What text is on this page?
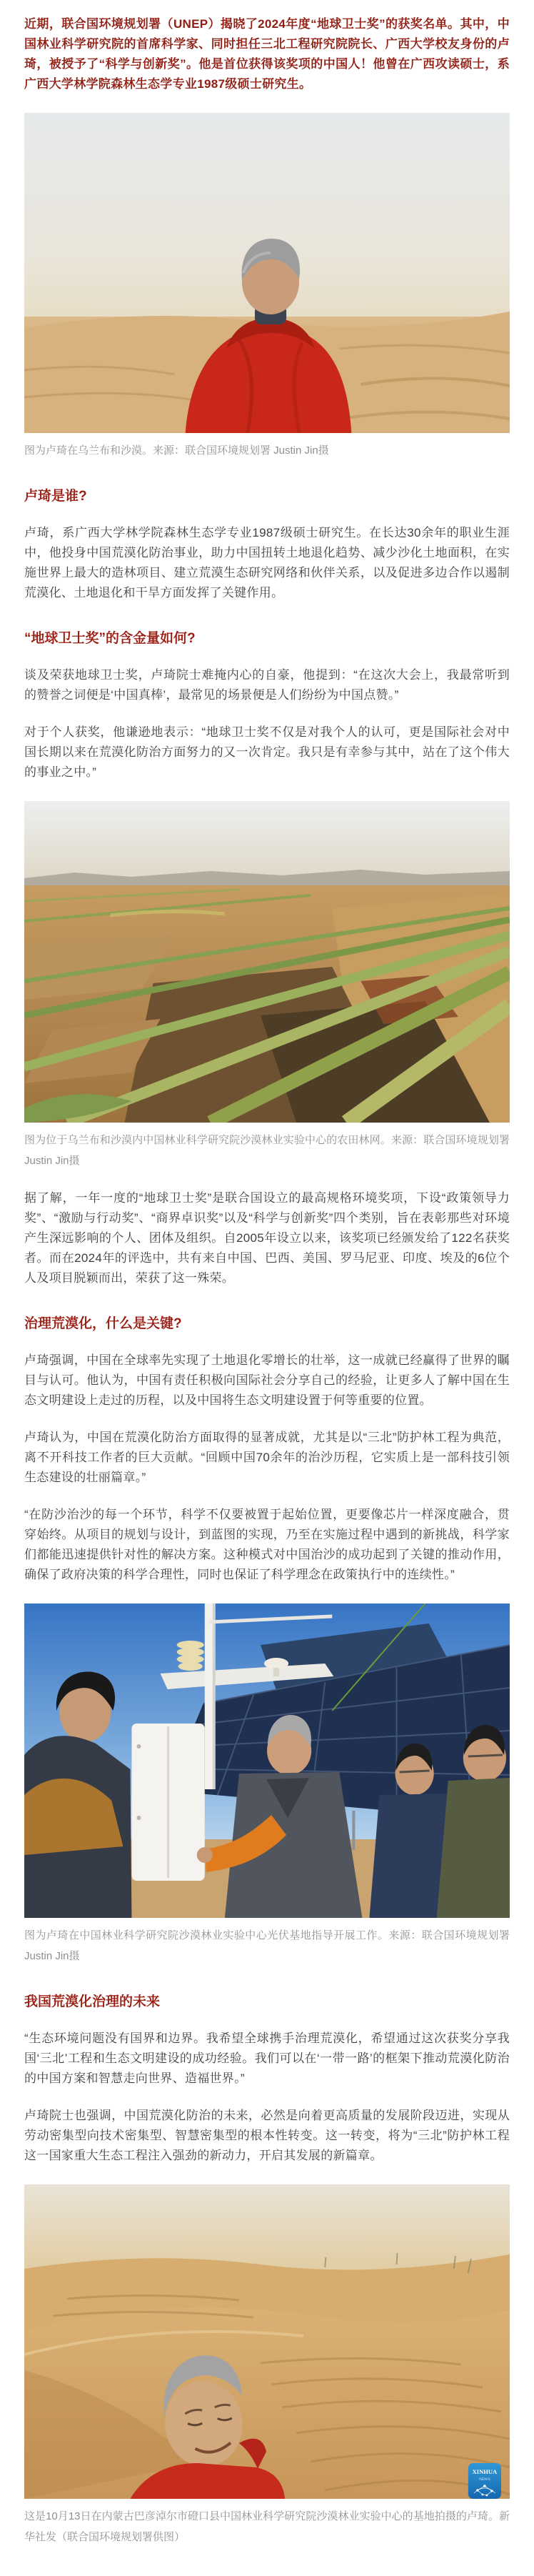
近期，联合国环境规划署（UNEP）揭晓了2024年度“地球卫士奖”的获奖名单。其中，中国林业科学研究院的首席科学家、同时担任三北工程研究院院长、广西大学校友身份的卢琦，被授予了“科学与创新奖”。他是首位获得该奖项的中国人！他曾在广西攻读硕士，系广西大学林学院森林生态学专业1987级硕士研究生。

图为卢琦在乌兰布和沙漠。来源：联合国环境规划署 Justin Jin摄
卢琦是谁?

卢琦，系广西大学林学院森林生态学专业1987级硕士研究生。在长达30余年的职业生涯中，他投身中国荒漠化防治事业，助力中国扭转土地退化趋势、减少沙化土地面积，在实施世界上最大的造林项目、建立荒漠生态研究网络和伙伴关系，以及促进多边合作以遏制荒漠化、土地退化和干旱方面发挥了关键作用。

“地球卫士奖”的含金量如何?

谈及荣获地球卫士奖，卢琦院士难掩内心的自豪，他提到：“在这次大会上，我最常听到的赞誉之词便是‘中国真棒’，最常见的场景便是人们纷纷为中国点赞。”

对于个人获奖，他谦逊地表示：“地球卫士奖不仅是对我个人的认可，更是国际社会对中国长期以来在荒漠化防治方面努力的又一次肯定。我只是有幸参与其中，站在了这个伟大的事业之中。”

图为位于乌兰布和沙漠内中国林业科学研究院沙漠林业实验中心的农田林网。来源：联合国环境规划署 Justin Jin摄

据了解，一年一度的“地球卫士奖”是联合国设立的最高规格环境奖项，下设“政策领导力奖”、“激励与行动奖”、“商界卓识奖”以及“科学与创新奖”四个类别，旨在表彰那些对环境产生深远影响的个人、团体及组织。自2005年设立以来，该奖项已经颁发给了122名获奖者。而在2024年的评选中，共有来自中国、巴西、美国、罗马尼亚、印度、埃及的6位个人及项目脱颖而出，荣获了这一殊荣。

治理荒漠化，什么是关键?

卢琦强调，中国在全球率先实现了土地退化零增长的壮举，这一成就已经赢得了世界的瞩目与认可。他认为，中国有责任积极向国际社会分享自己的经验，让更多人了解中国在生态文明建设上走过的历程，以及中国将生态文明建设置于何等重要的位置。

卢琦认为，中国在荒漠化防治方面取得的显著成就，尤其是以“三北”防护林工程为典范，离不开科技工作者的巨大贡献。“回顾中国70余年的治沙历程，它实质上是一部科技引领生态建设的壮丽篇章。”

“在防沙治沙的每一个环节，科学不仅要被置于起始位置，更要像芯片一样深度融合，贯穿始终。从项目的规划与设计，到蓝图的实现，乃至在实施过程中遇到的新挑战，科学家们都能迅速提供针对性的解决方案。这种模式对中国治沙的成功起到了关键的推动作用，确保了政府决策的科学合理性，同时也保证了科学理念在政策执行中的连续性。”

图为卢琦在中国林业科学研究院沙漠林业实验中心光伏基地指导开展工作。来源：联合国环境规划署 Justin Jin摄
我国荒漠化治理的未来

“生态环境问题没有国界和边界。我希望全球携手治理荒漠化，希望通过这次获奖分享我国‘三北’工程和生态文明建设的成功经验。我们可以在‘一带一路’的框架下推动荒漠化防治的中国方案和智慧走向世界、造福世界。”

卢琦院士也强调，中国荒漠化防治的未来，必然是向着更高质量的发展阶段迈进，实现从劳动密集型向技术密集型、智慧密集型的根本性转变。这一转变，将为“三北”防护林工程这一国家重大生态工程注入强劲的新动力，开启其发展的新篇章。

XINHUA
NEWS
这是10月13日在内蒙古巴彦淖尔市磴口县中国林业科学研究院沙漠林业实验中心的基地拍摄的卢琦。新华社发（联合国环境规划署供图）
